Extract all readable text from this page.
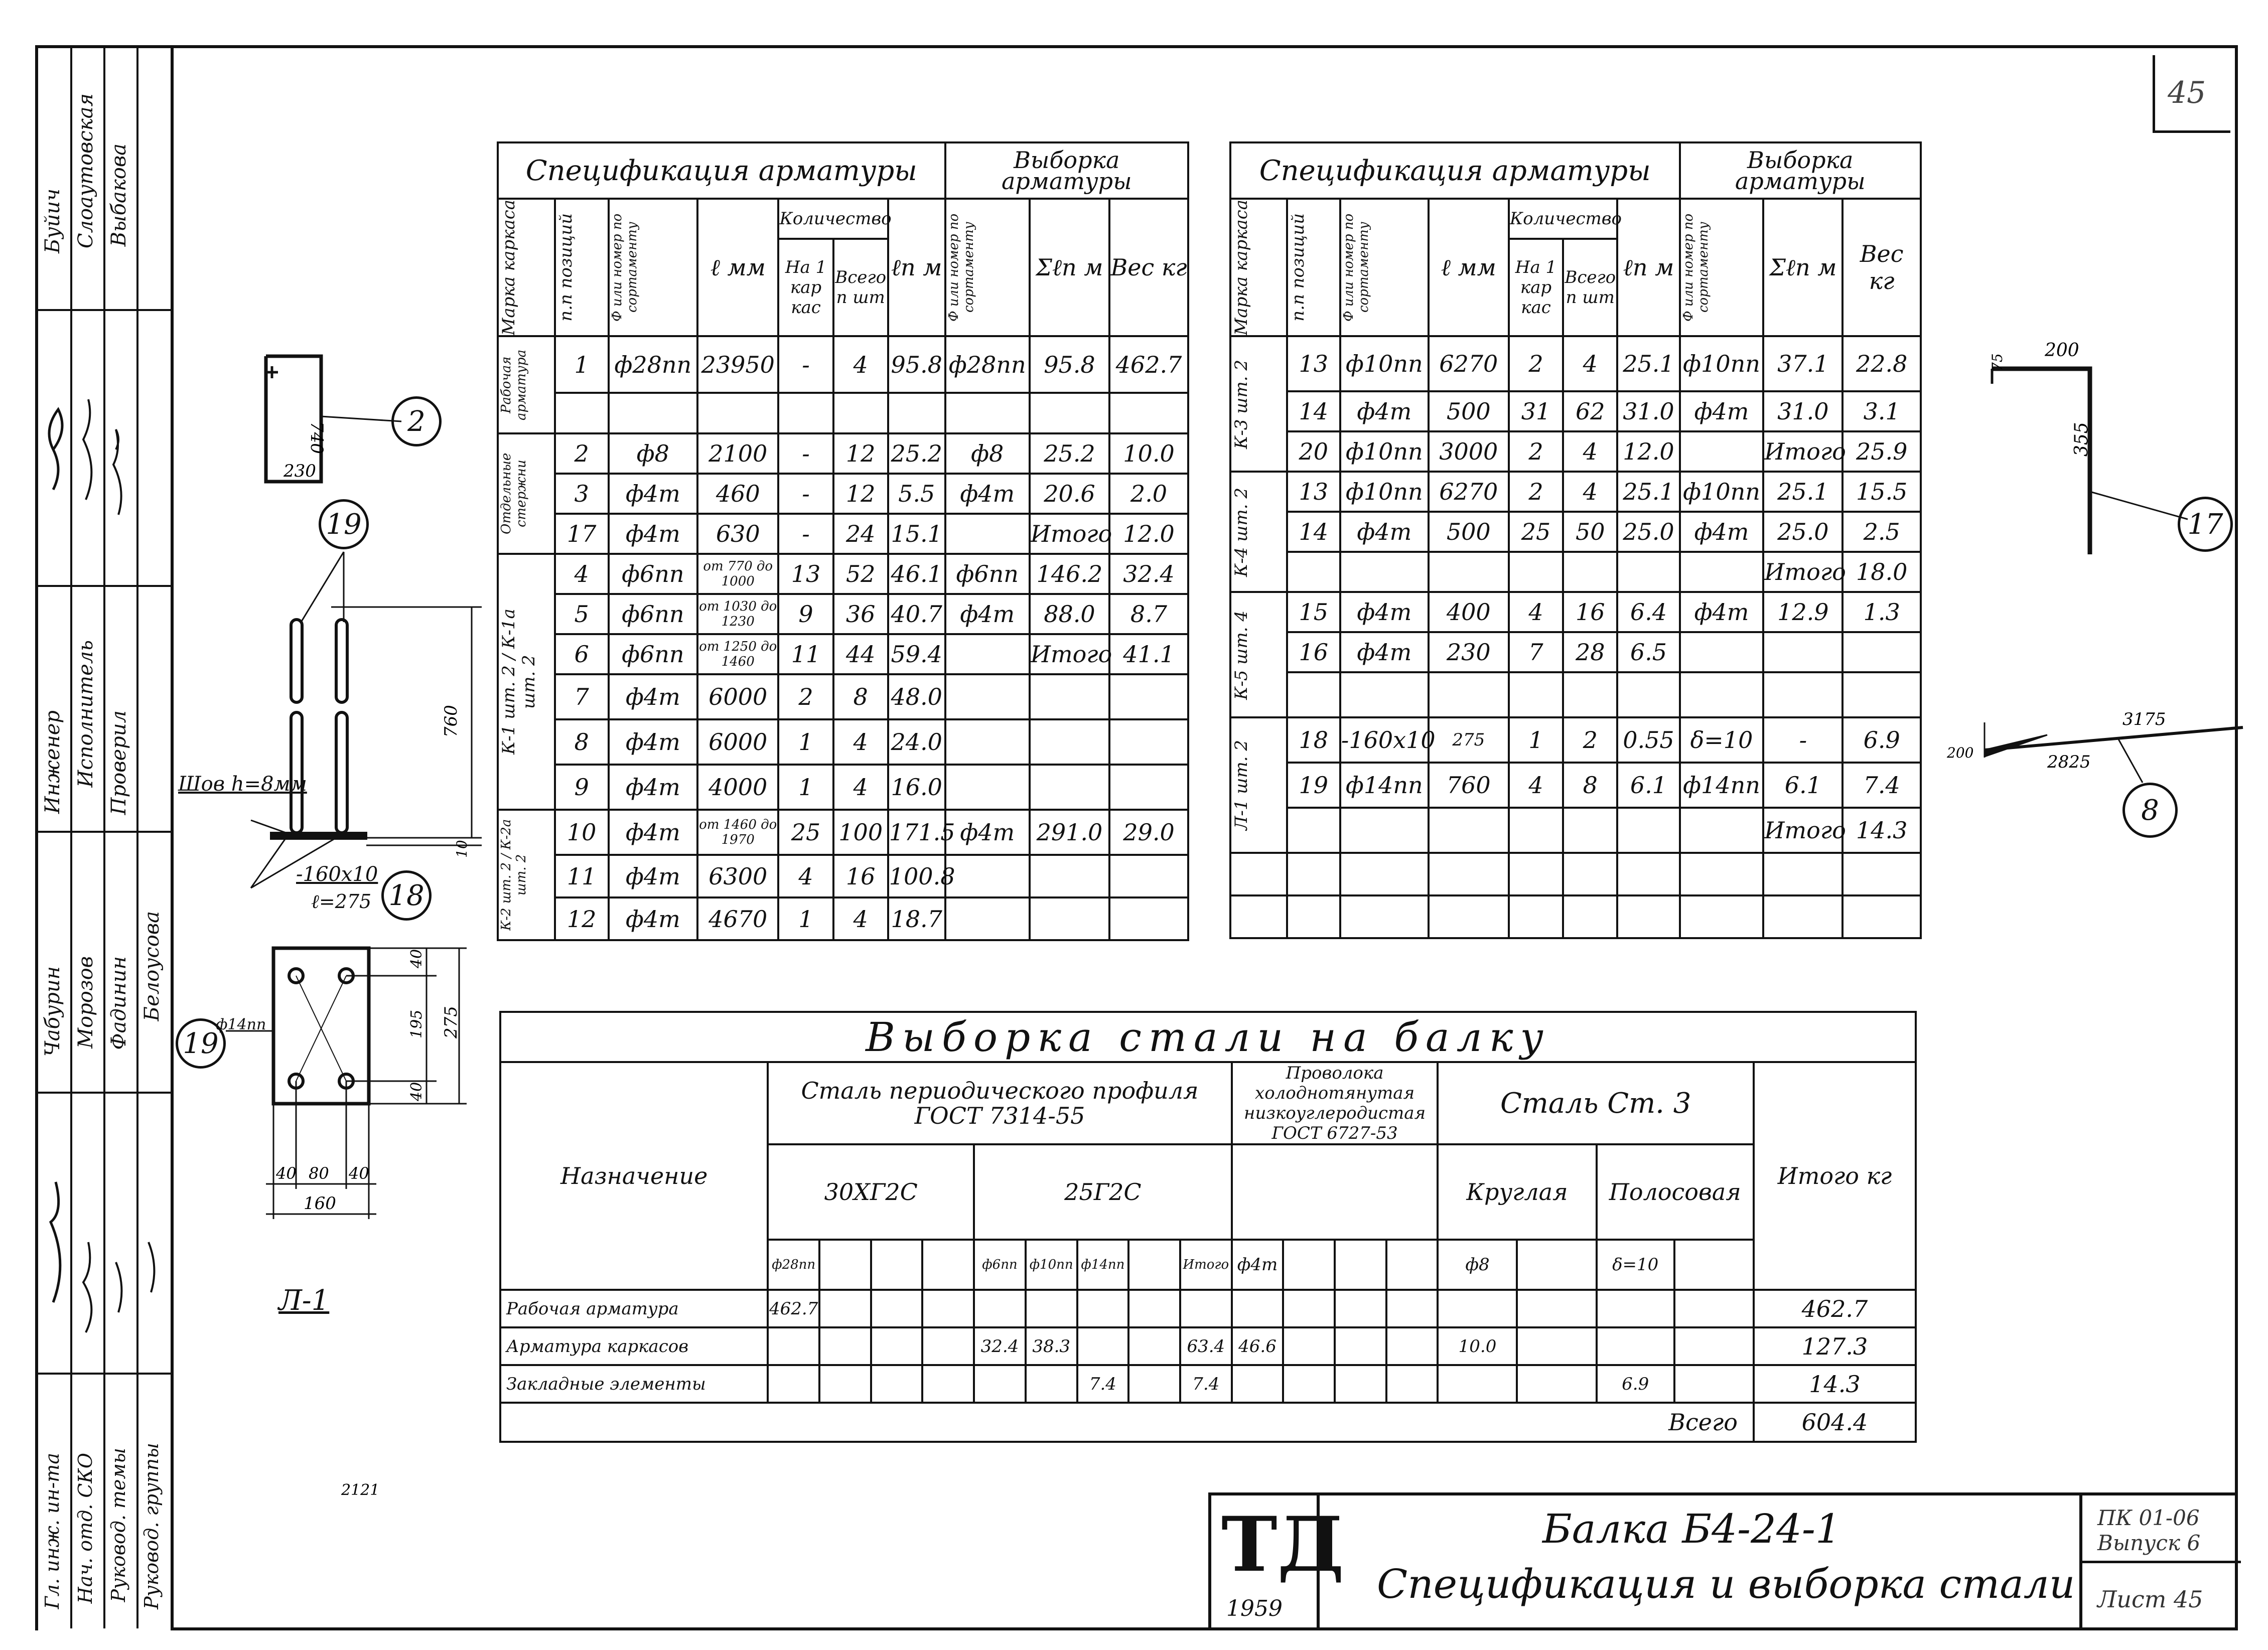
45
Инженер Исполнитель Проверил
Буйич Слоаутовская Выбакова
Чабурин Морозов Фадинин Белоусова
Гл. инж. ин-та Нач. отд. СКО Руковод. темы Руковод. группы
Спецификация арматуры							Выборка арматуры		

Марка каркаса	п.п позиций	Ф или номер по сортаменту	ℓ мм	Количество		ℓп м	Ф или номер по сортаменту	Σℓп м	Вес кг
				На 1 кар кас	Всего п шт				

Рабочая арматура	1	ф28пп	23950	-	4	95.8	ф28пп	95.8	462.7

Отдельные стержни	2	ф8	2100	-	12	25.2	ф8	25.2	10.0
	3	ф4т	460	-	12	5.5	ф4т	20.6	2.0
	17	ф4т	630	-	24	15.1		Итого	12.0

К-1 шт. 2 / К-1а шт. 2	4	ф6пп	от 770 до 1000	13	52	46.1	ф6пп	146.2	32.4
	5	ф6пп	от 1030 до 1230	9	36	40.7	ф4т	88.0	8.7
	6	ф6пп	от 1250 до 1460	11	44	59.4		Итого	41.1
	7	ф4т	6000	2	8	48.0			
	8	ф4т	6000	1	4	24.0			
	9	ф4т	4000	1	4	16.0			

К-2 шт. 2 / К-2а шт. 2	10	ф4т	от 1460 до 1970	25	100	171.5	ф4т	291.0	29.0
	11	ф4т	6300	4	16	100.8			
	12	ф4т	4670	1	4	18.7			
Спецификация арматуры							Выборка арматуры		

Марка каркаса	п.п позиций	Ф или номер по сортаменту	ℓ мм	Количество		ℓп м	Ф или номер по сортаменту	Σℓп м	Вес кг
				На 1 кар кас	Всего п шт				

К-3 шт. 2	13	ф10пп	6270	2	4	25.1	ф10пп	37.1	22.8
	14	ф4т	500	31	62	31.0	ф4т	31.0	3.1
	20	ф10пп	3000	2	4	12.0		Итого	25.9

К-4 шт. 2	13	ф10пп	6270	2	4	25.1	ф10пп	25.1	15.5
	14	ф4т	500	25	50	25.0	ф4т	25.0	2.5
								Итого	18.0

К-5 шт. 4	15	ф4т	400	4	16	6.4	ф4т	12.9	1.3
	16	ф4т	230	7	28	6.5			

Л-1 шт. 2	18	-160х10	275	1	2	0.55	δ=10	-	6.9
	19	ф14пп	760	4	8	6.1	ф14пп	6.1	7.4
								Итого	14.3

Выборка стали на балку																		
Назначение	Сталь периодического профиля ГОСТ 7314-55									Проволока холоднотянутая низкоуглеродистая ГОСТ 6727-53				Сталь Ст. 3				Итого кг
	30ХГ2С				25Г2С									Круглая		Полосовая		
	ф28пп				ф6пп	ф10пп	ф14пп		Итого	ф4т				ф8		δ=10		
Рабочая арматура	462.7																	462.7
Арматура каркасов					32.4	38.3			63.4	46.6				10.0				127.3
Закладные элементы							7.4		7.4							6.9		14.3
Всего																		604.4
ТД
1959
Балка Б4-24-1
Спецификация и выборка стали
ПК 01-06
Выпуск 6
Лист 45
740
230
760
10
40
195
40
275
40 80 40
160
2121
Шов h=8мм
-160х10
ℓ=275
ф14пп
Л-1
2
19
18
19
17
8
200
355
75
200	2825
3175
